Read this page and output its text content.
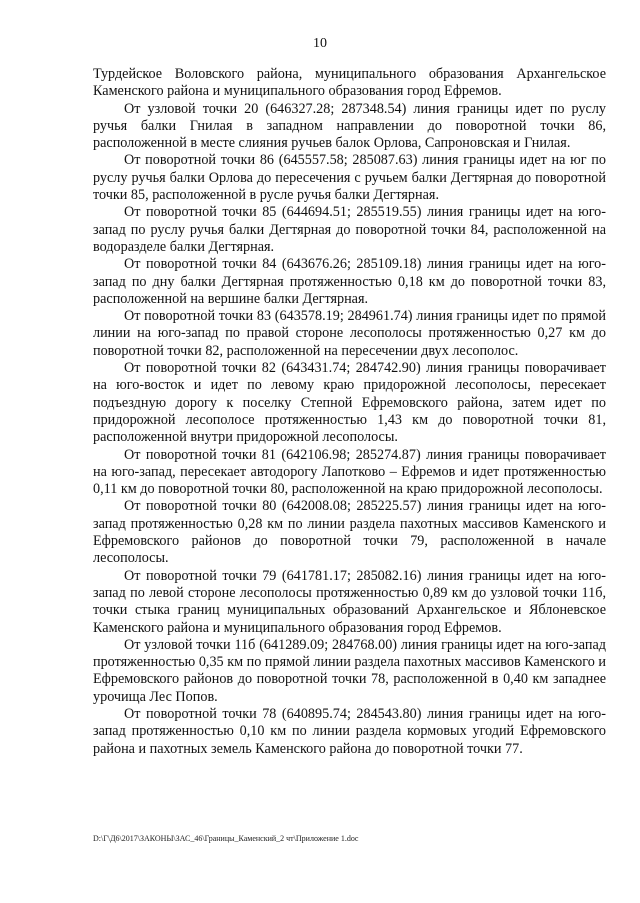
10

Турдейское Воловского района, муниципального образования Архангельское Каменского района и муниципального образования город Ефремов.

От узловой точки 20 (646327.28; 287348.54) линия границы идет по руслу ручья балки Гнилая в западном направлении до поворотной точки 86, расположенной в месте слияния ручьев балок Орлова, Сапроновская и Гнилая.

От поворотной точки 86 (645557.58; 285087.63) линия границы идет на юг по руслу ручья балки Орлова до пересечения с ручьем балки Дегтярная до поворотной точки 85, расположенной в русле ручья балки Дегтярная.

От поворотной точки 85 (644694.51; 285519.55) линия границы идет на юго-запад по руслу ручья балки Дегтярная до поворотной точки 84, расположенной на водоразделе балки Дегтярная.

От поворотной точки 84 (643676.26; 285109.18) линия границы идет на юго-запад по дну балки Дегтярная протяженностью 0,18 км до поворотной точки 83, расположенной на вершине балки Дегтярная.

От поворотной точки 83 (643578.19; 284961.74) линия границы идет по прямой линии на юго-запад по правой стороне лесополосы протяженностью 0,27 км до поворотной точки 82, расположенной на пересечении двух лесополос.

От поворотной точки 82 (643431.74; 284742.90) линия границы поворачивает на юго-восток и идет по левому краю придорожной лесополосы, пересекает подъездную дорогу к поселку Степной Ефремовского района, затем идет по придорожной лесополосе протяженностью 1,43 км до поворотной точки 81, расположенной внутри придорожной лесополосы.

От поворотной точки 81 (642106.98; 285274.87) линия границы поворачивает на юго-запад, пересекает автодорогу Лапотково – Ефремов и идет протяженностью 0,11 км до поворотной точки 80, расположенной на краю придорожной лесополосы.

От поворотной точки 80 (642008.08; 285225.57) линия границы идет на юго-запад протяженностью 0,28 км по линии раздела пахотных массивов Каменского и Ефремовского районов до поворотной точки 79, расположенной в начале лесополосы.

От поворотной точки 79 (641781.17; 285082.16) линия границы идет на юго-запад по левой стороне лесополосы протяженностью 0,89 км до узловой точки 11б, точки стыка границ муниципальных образований Архангельское и Яблоневское Каменского района и муниципального образования город Ефремов.

От узловой точки 11б (641289.09; 284768.00) линия границы идет на юго-запад протяженностью 0,35 км по прямой линии раздела пахотных массивов Каменского и Ефремовского районов до поворотной точки 78, расположенной в 0,40 км западнее урочища Лес Попов.

От поворотной точки 78 (640895.74; 284543.80) линия границы идет на юго-запад протяженностью 0,10 км по линии раздела кормовых угодий Ефремовского района и пахотных земель Каменского района до поворотной точки 77.

D:\Г\Д6\2017\ЗАКОНЫ\ЗАС_46\Границы_Каменский_2 чт\Приложение 1.doc
